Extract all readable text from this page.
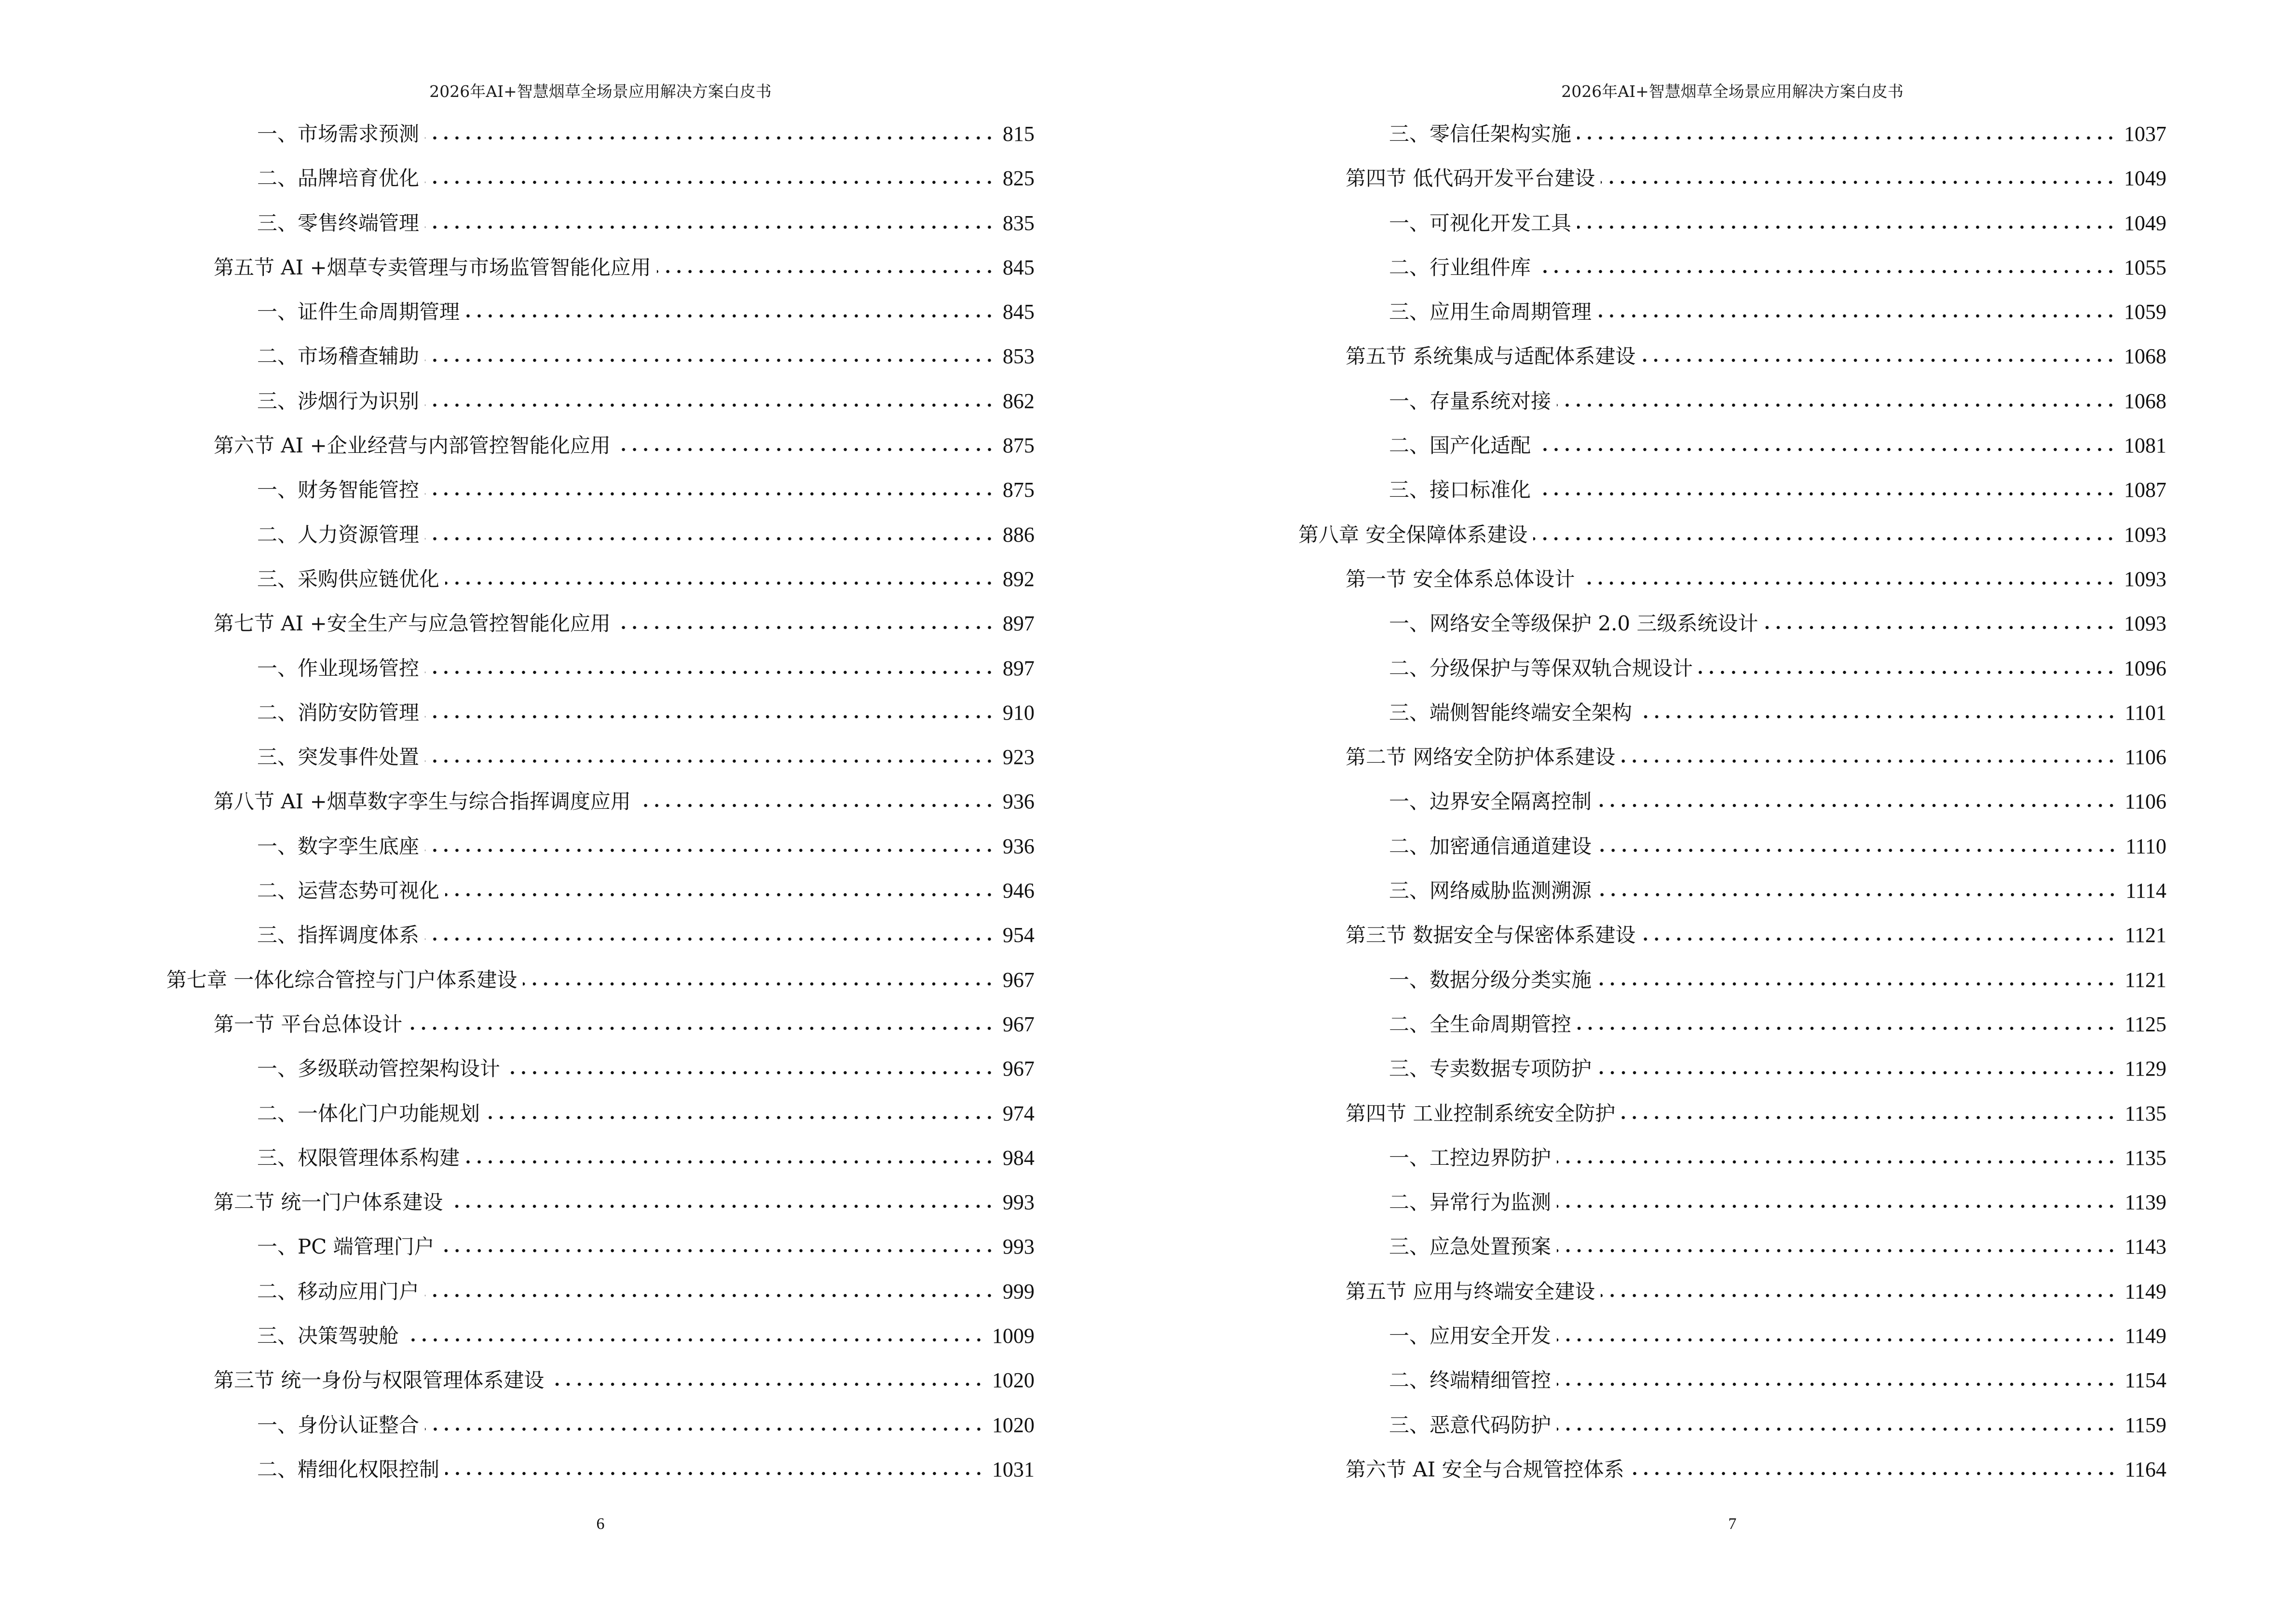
2026年AI+智慧烟草全场景应用解决方案白皮书
一、市场需求预测	815
二、品牌培育优化	825
三、零售终端管理	835
第五节 AI +烟草专卖管理与市场监管智能化应用	845
一、证件生命周期管理	845
二、市场稽查辅助	853
三、涉烟行为识别	862
第六节 AI +企业经营与内部管控智能化应用	875
一、财务智能管控	875
二、人力资源管理	886
三、采购供应链优化	892
第七节 AI +安全生产与应急管控智能化应用	897
一、作业现场管控	897
二、消防安防管理	910
三、突发事件处置	923
第八节 AI +烟草数字孪生与综合指挥调度应用	936
一、数字孪生底座	936
二、运营态势可视化	946
三、指挥调度体系	954
第七章 一体化综合管控与门户体系建设	967
第一节 平台总体设计	967
一、多级联动管控架构设计	967
二、一体化门户功能规划	974
三、权限管理体系构建	984
第二节 统一门户体系建设	993
一、PC 端管理门户	993
二、移动应用门户	999
三、决策驾驶舱	1009
第三节 统一身份与权限管理体系建设	1020
一、身份认证整合	1020
二、精细化权限控制	1031
6
2026年AI+智慧烟草全场景应用解决方案白皮书
三、零信任架构实施	1037
第四节 低代码开发平台建设	1049
一、可视化开发工具	1049
二、行业组件库	1055
三、应用生命周期管理	1059
第五节 系统集成与适配体系建设	1068
一、存量系统对接	1068
二、国产化适配	1081
三、接口标准化	1087
第八章 安全保障体系建设	1093
第一节 安全体系总体设计	1093
一、网络安全等级保护 2.0 三级系统设计	1093
二、分级保护与等保双轨合规设计	1096
三、端侧智能终端安全架构	1101
第二节 网络安全防护体系建设	1106
一、边界安全隔离控制	1106
二、加密通信通道建设	1110
三、网络威胁监测溯源	1114
第三节 数据安全与保密体系建设	1121
一、数据分级分类实施	1121
二、全生命周期管控	1125
三、专卖数据专项防护	1129
第四节 工业控制系统安全防护	1135
一、工控边界防护	1135
二、异常行为监测	1139
三、应急处置预案	1143
第五节 应用与终端安全建设	1149
一、应用安全开发	1149
二、终端精细管控	1154
三、恶意代码防护	1159
第六节 AI 安全与合规管控体系	1164
7
